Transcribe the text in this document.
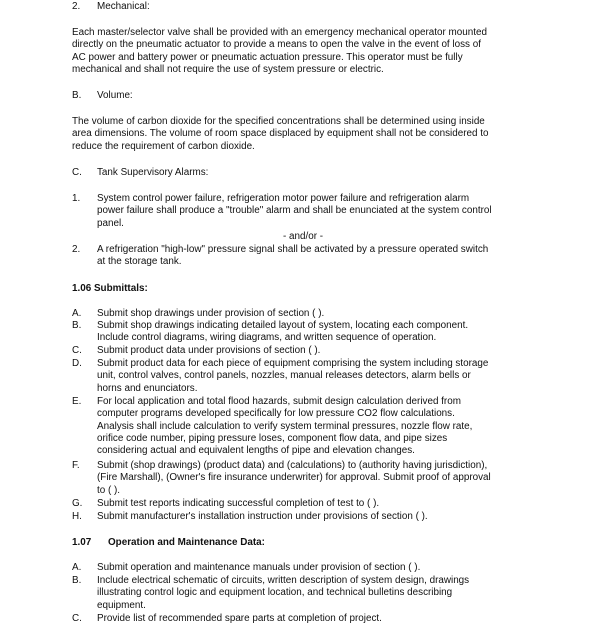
2. Mechanical:
Each master/selector valve shall be provided with an emergency mechanical operator mounted
directly on the pneumatic actuator to provide a means to open the valve in the event of loss of
AC power and battery power or pneumatic actuation pressure. This operator must be fully
mechanical and shall not require the use of system pressure or electric.
B. Volume:
The volume of carbon dioxide for the specified concentrations shall be determined using inside
area dimensions. The volume of room space displaced by equipment shall not be considered to
reduce the requirement of carbon dioxide.
C. Tank Supervisory Alarms:
1. System control power failure, refrigeration motor power failure and refrigeration alarm
power failure shall produce a "trouble" alarm and shall be enunciated at the system control
panel.
- and/or -
2. A refrigeration "high-low" pressure signal shall be activated by a pressure operated switch
at the storage tank.
1.06 Submittals:
A. Submit shop drawings under provision of section ( ).
B. Submit shop drawings indicating detailed layout of system, locating each component.
Include control diagrams, wiring diagrams, and written sequence of operation.
C. Submit product data under provisions of section ( ).
D. Submit product data for each piece of equipment comprising the system including storage
unit, control valves, control panels, nozzles, manual releases detectors, alarm bells or
horns and enunciators.
E. For local application and total flood hazards, submit design calculation derived from
computer programs developed specifically for low pressure CO2 flow calculations.
Analysis shall include calculation to verify system terminal pressures, nozzle flow rate,
orifice code number, piping pressure loses, component flow data, and pipe sizes
considering actual and equivalent lengths of pipe and elevation changes.
F. Submit (shop drawings) (product data) and (calculations) to (authority having jurisdiction),
(Fire Marshall), (Owner's fire insurance underwriter) for approval. Submit proof of approval
to ( ).
G. Submit test reports indicating successful completion of test to ( ).
H. Submit manufacturer's installation instruction under provisions of section ( ).
1.07 Operation and Maintenance Data:
A. Submit operation and maintenance manuals under provision of section ( ).
B. Include electrical schematic of circuits, written description of system design, drawings
illustrating control logic and equipment location, and technical bulletins describing
equipment.
C. Provide list of recommended spare parts at completion of project.
